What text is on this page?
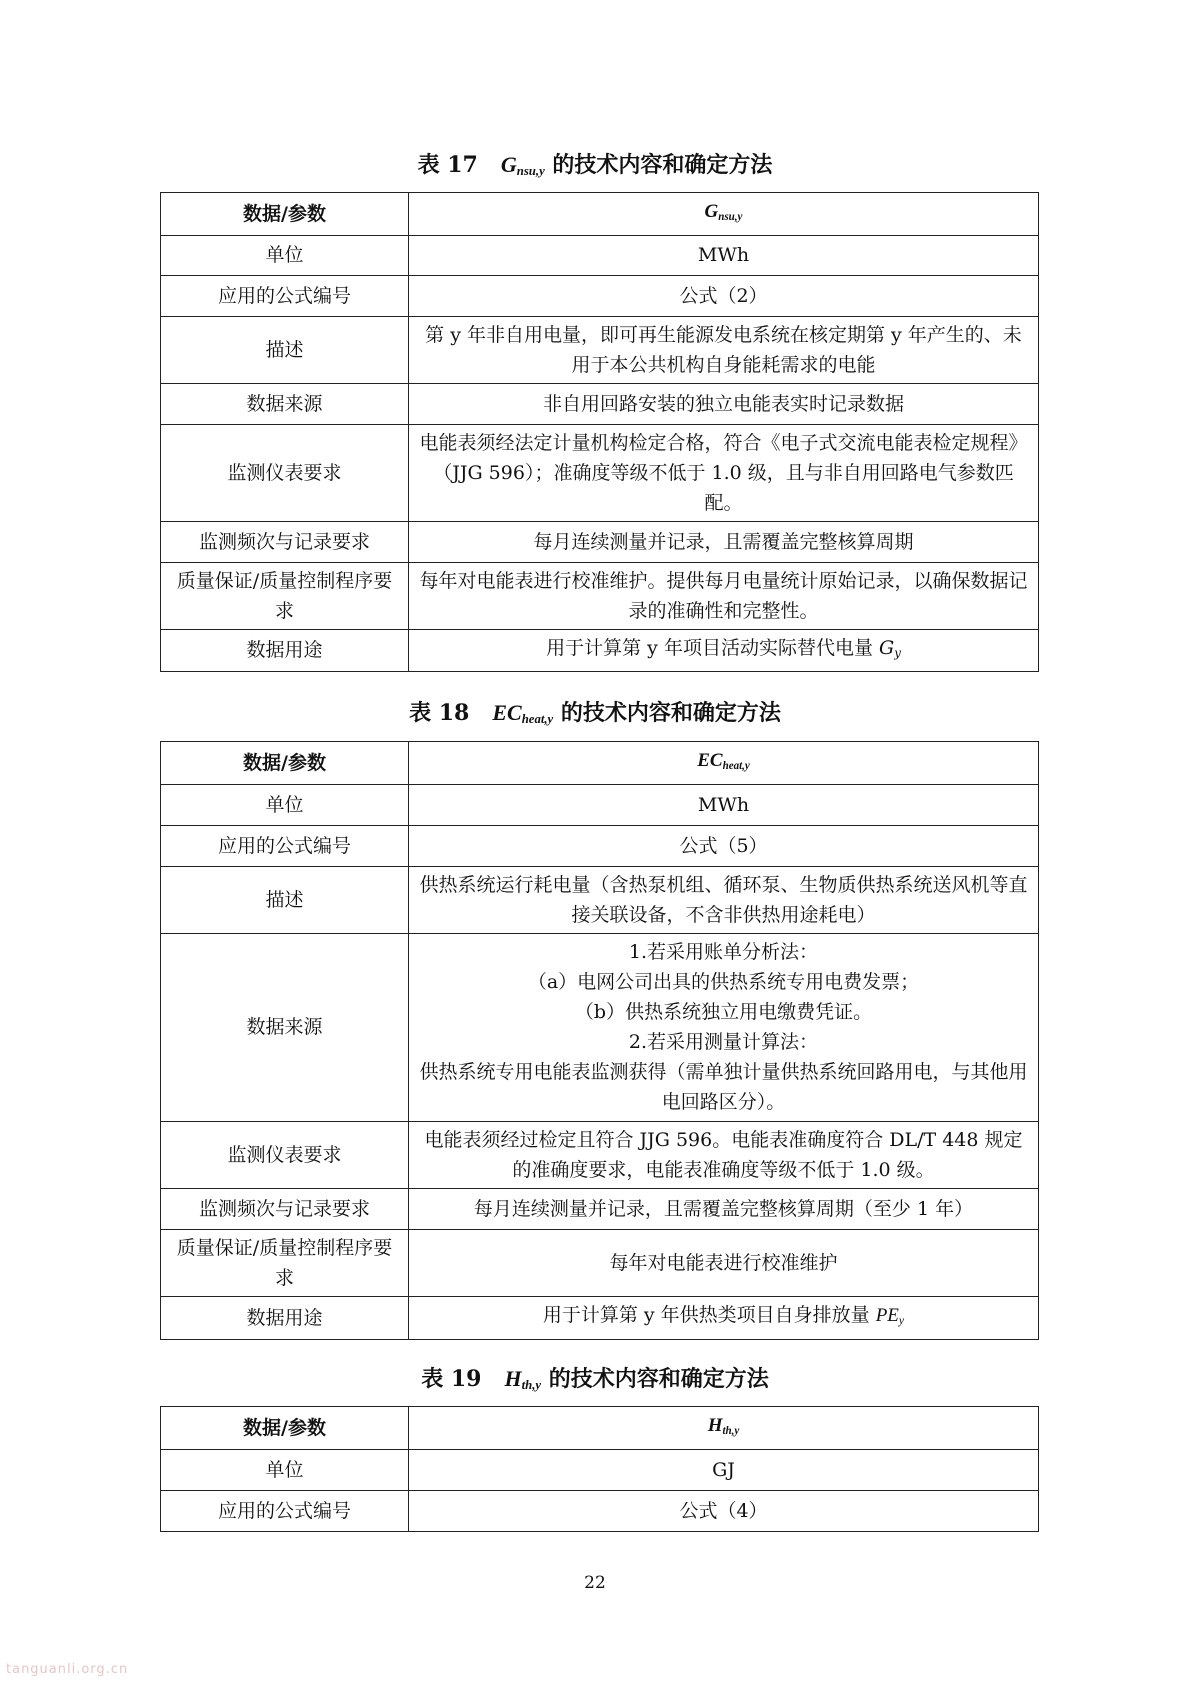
表 17 $G_{nsu,y}$ 的技术内容和确定方法
数据/参数	$G_{nsu,y}$
单位	MWh
应用的公式编号	公式（2）
描述	第 y 年非自用电量，即可再生能源发电系统在核定期第 y 年产生的、未用于本公共机构自身能耗需求的电能
数据来源	非自用回路安装的独立电能表实时记录数据
监测仪表要求	电能表须经法定计量机构检定合格，符合《电子式交流电能表检定规程》（JJG 596）；准确度等级不低于 1.0 级，且与非自用回路电气参数匹配。
监测频次与记录要求	每月连续测量并记录，且需覆盖完整核算周期
质量保证/质量控制程序要求	每年对电能表进行校准维护。提供每月电量统计原始记录，以确保数据记录的准确性和完整性。
数据用途	用于计算第 y 年项目活动实际替代电量 $G_y$
表 18 $EC_{heat,y}$ 的技术内容和确定方法
数据/参数	$EC_{heat,y}$
单位	MWh
应用的公式编号	公式（5）
描述	供热系统运行耗电量（含热泵机组、循环泵、生物质供热系统送风机等直接关联设备，不含非供热用途耗电）
数据来源	1.若采用账单分析法：
（a）电网公司出具的供热系统专用电费发票；
（b）供热系统独立用电缴费凭证。
2.若采用测量计算法：
供热系统专用电能表监测获得（需单独计量供热系统回路用电，与其他用电回路区分）。

监测仪表要求	电能表须经过检定且符合 JJG 596。电能表准确度符合 DL/T 448 规定的准确度要求，电能表准确度等级不低于 1.0 级。
监测频次与记录要求	每月连续测量并记录，且需覆盖完整核算周期（至少 1 年）
质量保证/质量控制程序要求	每年对电能表进行校准维护
数据用途	用于计算第 y 年供热类项目自身排放量 $PE_y$
表 19 $H_{th,y}$ 的技术内容和确定方法
数据/参数	$H_{th,y}$
单位	GJ
应用的公式编号	公式（4）
22
tanguanli.org.cn
